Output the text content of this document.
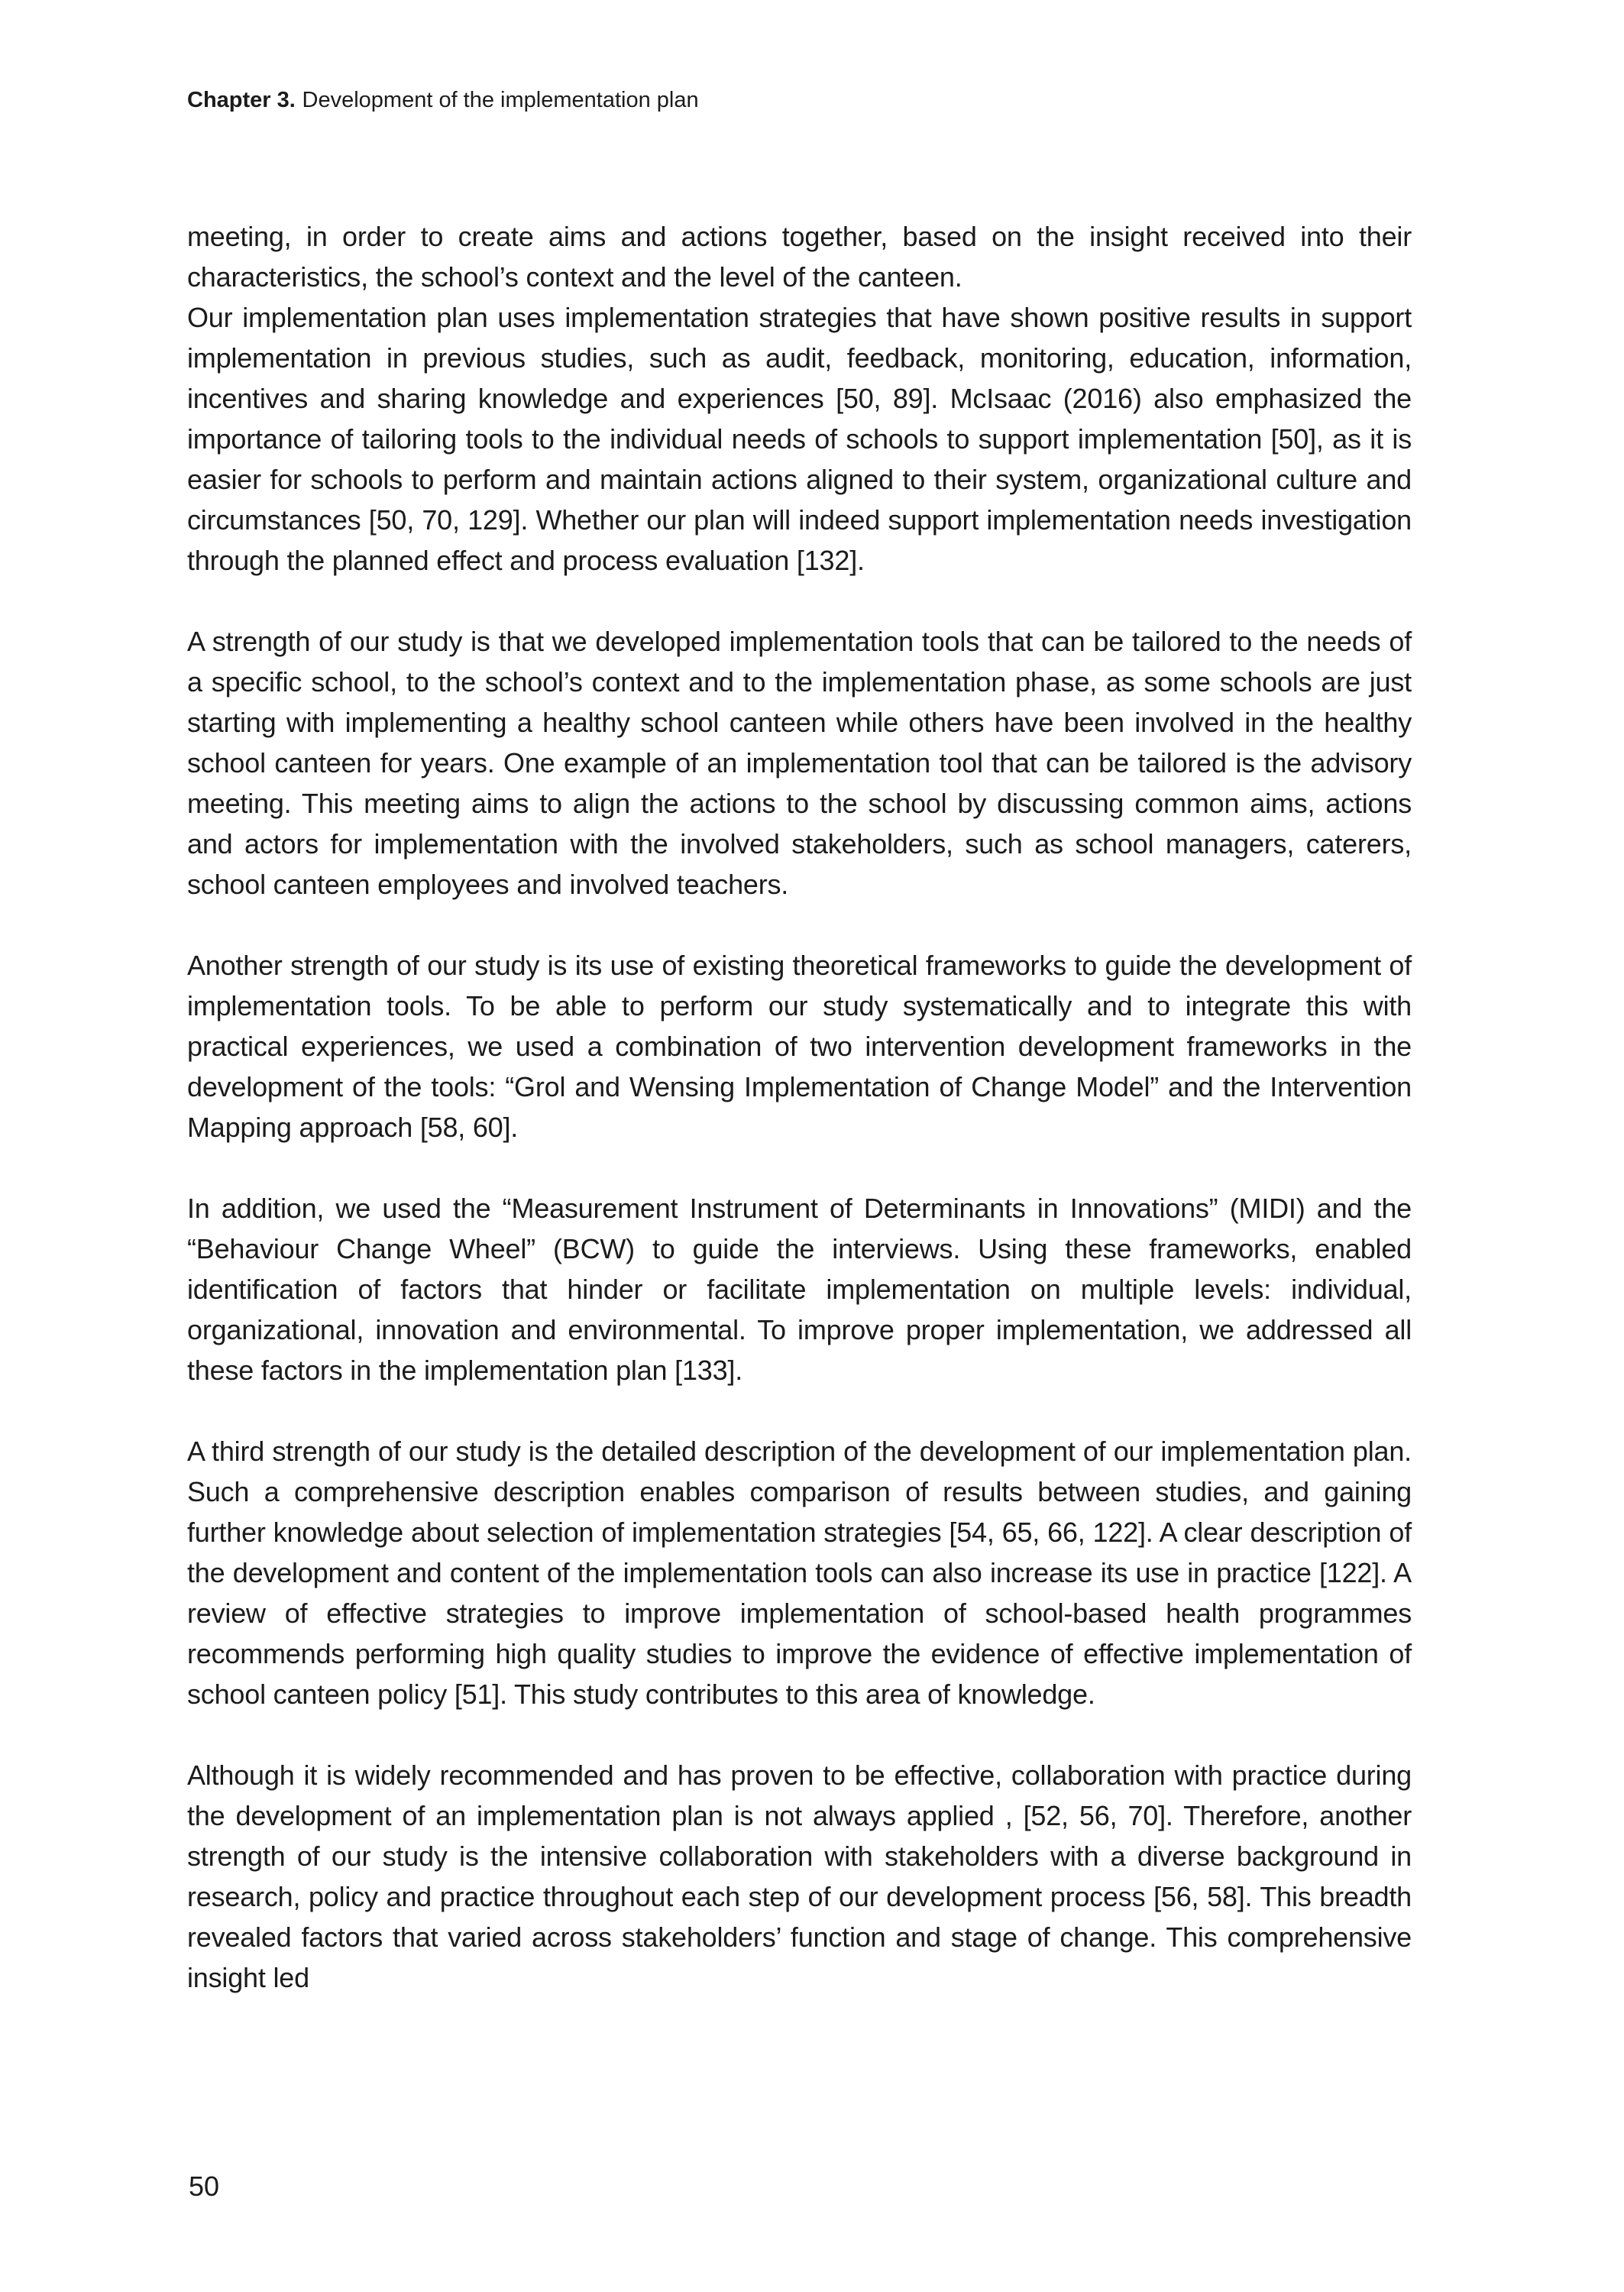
Chapter 3. Development of the implementation plan

meeting, in order to create aims and actions together, based on the insight received into their characteristics, the school’s context and the level of the canteen.

Our implementation plan uses implementation strategies that have shown positive results in support implementation in previous studies, such as audit, feedback, monitoring, education, information, incentives and sharing knowledge and experiences [50, 89]. McIsaac (2016) also emphasized the importance of tailoring tools to the individual needs of schools to support implementation [50], as it is easier for schools to perform and maintain actions aligned to their system, organizational culture and circumstances [50, 70, 129]. Whether our plan will indeed support implementation needs investigation through the planned effect and process evaluation [132].

A strength of our study is that we developed implementation tools that can be tailored to the needs of a specific school, to the school’s context and to the implementation phase, as some schools are just starting with implementing a healthy school canteen while others have been involved in the healthy school canteen for years. One example of an implementation tool that can be tailored is the advisory meeting. This meeting aims to align the actions to the school by discussing common aims, actions and actors for implementation with the involved stakeholders, such as school managers, caterers, school canteen employees and involved teachers.

Another strength of our study is its use of existing theoretical frameworks to guide the development of implementation tools. To be able to perform our study systematically and to integrate this with practical experiences, we used a combination of two intervention development frameworks in the development of the tools: “Grol and Wensing Implementation of Change Model” and the Intervention Mapping approach [58, 60].

In addition, we used the “Measurement Instrument of Determinants in Innovations” (MIDI) and the “Behaviour Change Wheel” (BCW) to guide the interviews. Using these frameworks, enabled identification of factors that hinder or facilitate implementation on multiple levels: individual, organizational, innovation and environmental. To improve proper implementation, we addressed all  these factors in the implementation plan [133].

A third strength of our study is the detailed description of the development of our implementation plan. Such a comprehensive description enables comparison of results between studies, and gaining further knowledge about selection of implementation strategies [54, 65, 66, 122]. A clear description of the development and content of the implementation tools can also increase its use in practice [122]. A review of effective strategies to improve implementation of school-based health programmes recommends performing high quality studies to improve the evidence of effective implementation of school canteen policy [51]. This study contributes to this area of knowledge.

Although it is widely recommended and has proven to be effective, collaboration with practice during the development of an implementation plan is not always applied , [52, 56, 70]. Therefore, another strength of our study is the intensive collaboration with stakeholders with a diverse background in research, policy and practice throughout each step of our development process [56, 58]. This breadth revealed factors that varied across stakeholders’ function and stage of change. This comprehensive insight led

50
